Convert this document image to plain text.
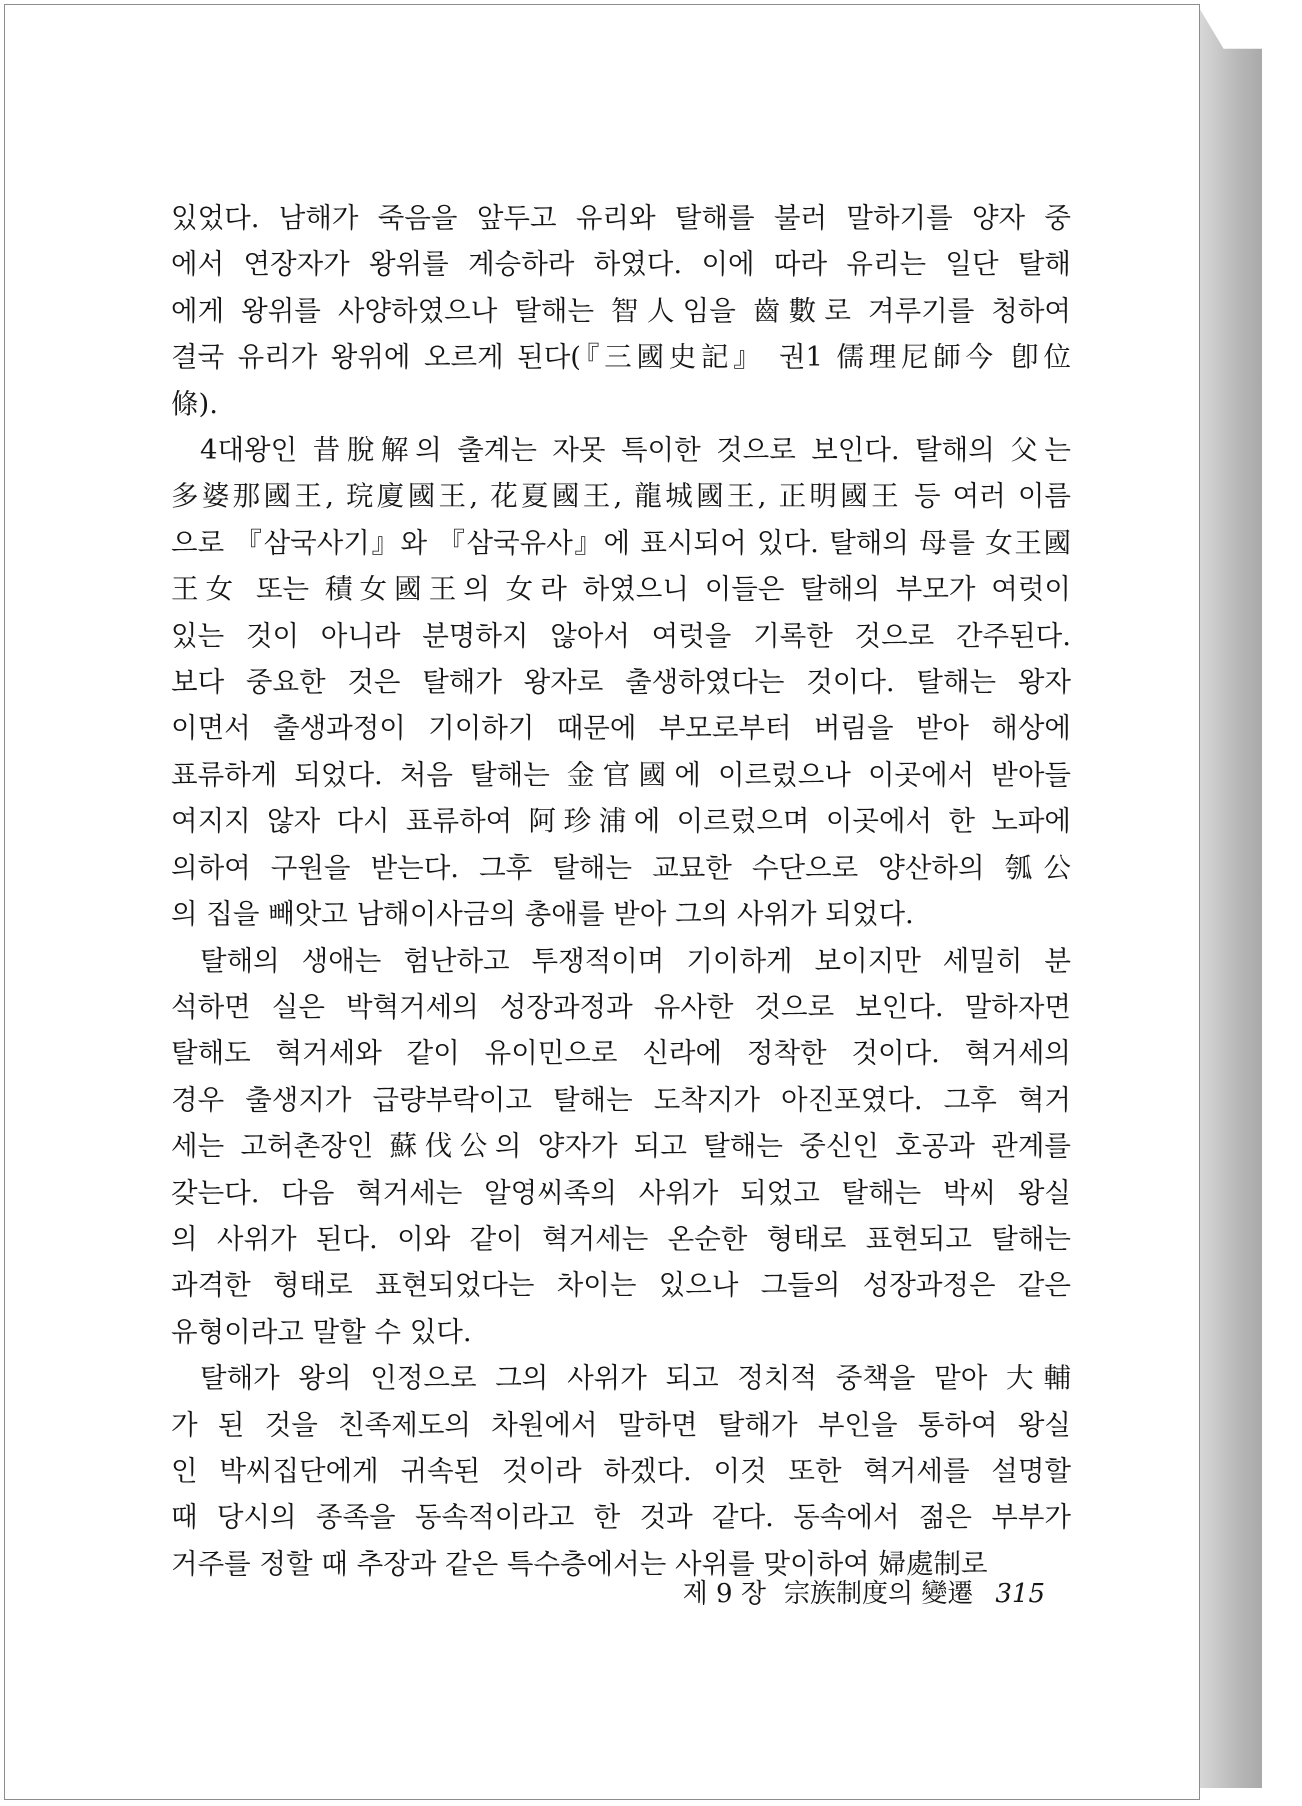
있었다. 남해가 죽음을 앞두고 유리와 탈해를 불러 말하기를 양자 중

에서 연장자가 왕위를 계승하라 하였다. 이에 따라 유리는 일단 탈해

에게 왕위를 사양하였으나 탈해는 智人임을 齒數로 겨루기를 청하여

결국 유리가 왕위에 오르게 된다(『三國史記』 권1 儒理尼師今 卽位

條).

4대왕인 昔脫解의 출계는 자못 특이한 것으로 보인다. 탈해의 父는

多婆那國王, 琓廈國王, 花夏國王, 龍城國王, 正明國王 등 여러 이름

으로 『삼국사기』와 『삼국유사』에 표시되어 있다. 탈해의 母를 女王國

王女 또는 積女國王의 女라 하였으니 이들은 탈해의 부모가 여럿이

있는 것이 아니라 분명하지 않아서 여럿을 기록한 것으로 간주된다.

보다 중요한 것은 탈해가 왕자로 출생하였다는 것이다. 탈해는 왕자

이면서 출생과정이 기이하기 때문에 부모로부터 버림을 받아 해상에

표류하게 되었다. 처음 탈해는 金官國에 이르렀으나 이곳에서 받아들

여지지 않자 다시 표류하여 阿珍浦에 이르렀으며 이곳에서 한 노파에

의하여 구원을 받는다. 그후 탈해는 교묘한 수단으로 양산하의 瓠公

의 집을 빼앗고 남해이사금의 총애를 받아 그의 사위가 되었다.

탈해의 생애는 험난하고 투쟁적이며 기이하게 보이지만 세밀히 분

석하면 실은 박혁거세의 성장과정과 유사한 것으로 보인다. 말하자면

탈해도 혁거세와 같이 유이민으로 신라에 정착한 것이다. 혁거세의

경우 출생지가 급량부락이고 탈해는 도착지가 아진포였다. 그후 혁거

세는 고허촌장인 蘇伐公의 양자가 되고 탈해는 중신인 호공과 관계를

갖는다. 다음 혁거세는 알영씨족의 사위가 되었고 탈해는 박씨 왕실

의 사위가 된다. 이와 같이 혁거세는 온순한 형태로 표현되고 탈해는

과격한 형태로 표현되었다는 차이는 있으나 그들의 성장과정은 같은

유형이라고 말할 수 있다.

탈해가 왕의 인정으로 그의 사위가 되고 정치적 중책을 맡아 大輔

가 된 것을 친족제도의 차원에서 말하면 탈해가 부인을 통하여 왕실

인 박씨집단에게 귀속된 것이라 하겠다. 이것 또한 혁거세를 설명할

때 당시의 종족을 동속적이라고 한 것과 같다. 동속에서 젊은 부부가

거주를 정할 때 추장과 같은 특수층에서는 사위를 맞이하여 婦處制로

제 9 장 宗族制度의 變遷 315
